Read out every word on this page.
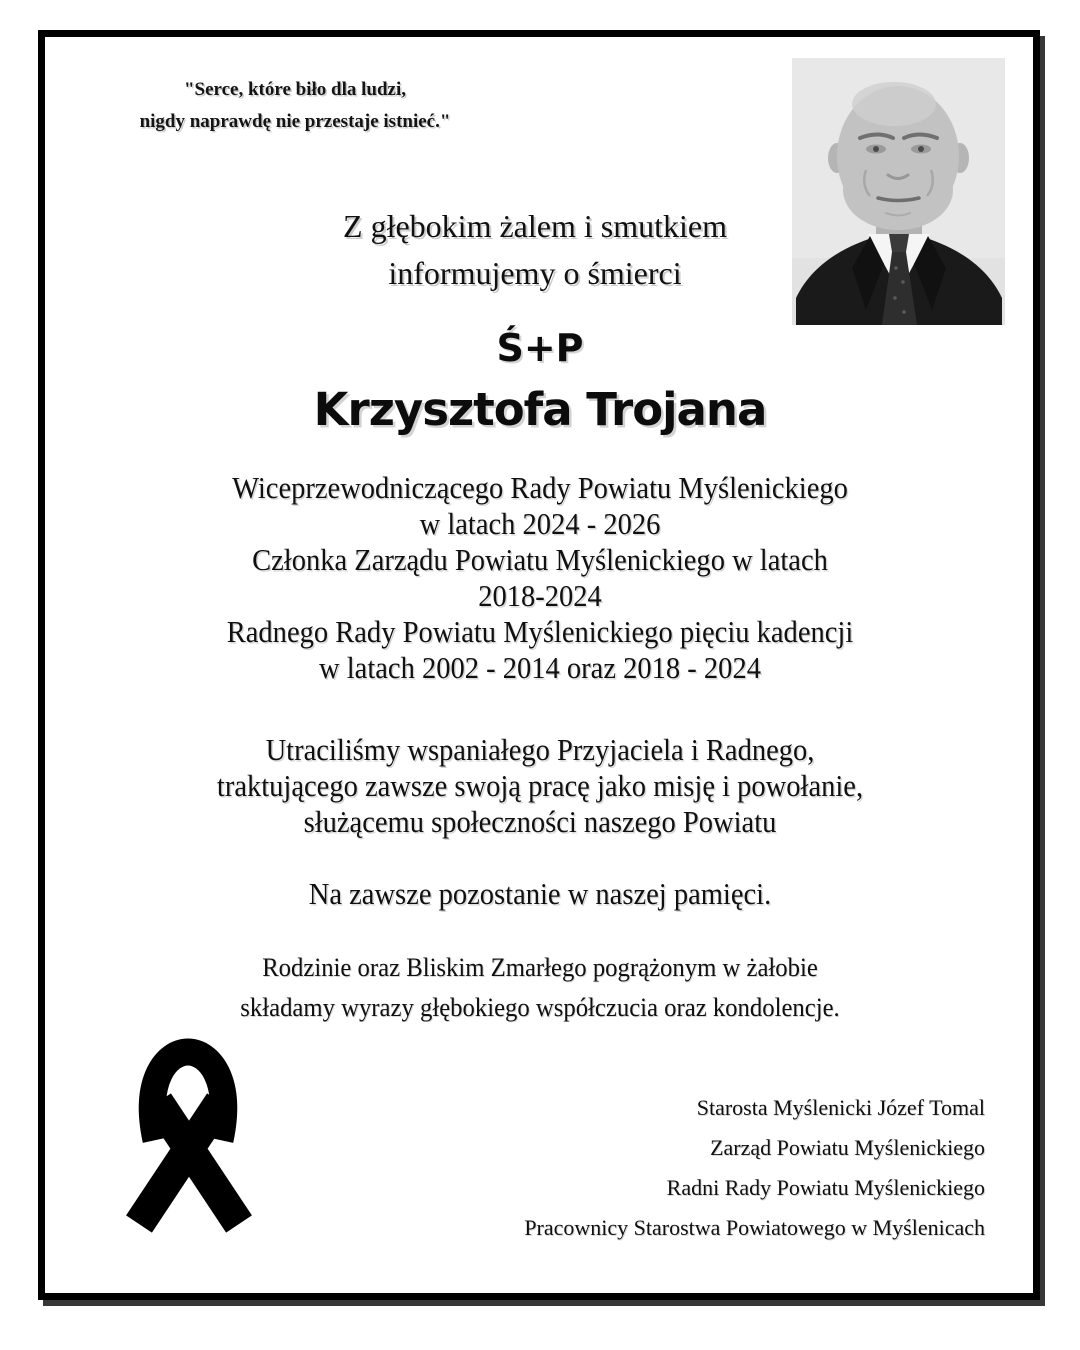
"Serce, które biło dla ludzi,
nigdy naprawdę nie przestaje istnieć."
Z głębokim żalem i smutkiem
informujemy o śmierci
Ś+P
Krzysztofa Trojana
Wiceprzewodniczącego Rady Powiatu Myślenickiego
w latach 2024 - 2026
Członka Zarządu Powiatu Myślenickiego w latach
2018-2024
Radnego Rady Powiatu Myślenickiego pięciu kadencji
w latach 2002 - 2014 oraz 2018 - 2024
Utraciliśmy wspaniałego Przyjaciela i Radnego,
traktującego zawsze swoją pracę jako misję i powołanie,
służącemu społeczności naszego Powiatu
Na zawsze pozostanie w naszej pamięci.
Rodzinie oraz Bliskim Zmarłego pogrążonym w żałobie
składamy wyrazy głębokiego współczucia oraz kondolencje.
Starosta Myślenicki Józef Tomal
Zarząd Powiatu Myślenickiego
Radni Rady Powiatu Myślenickiego
Pracownicy Starostwa Powiatowego w Myślenicach
